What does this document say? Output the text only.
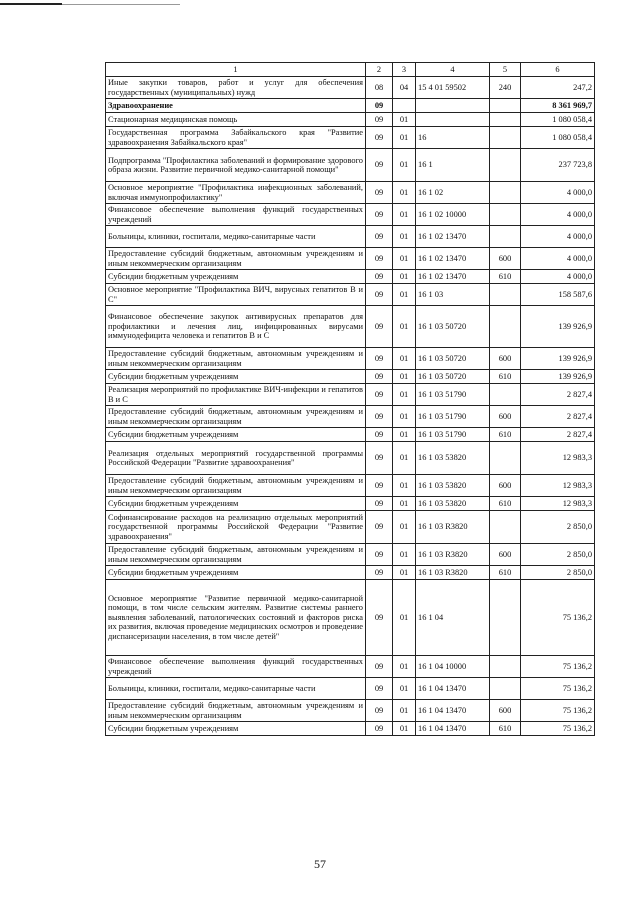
1	2	3	4	5	6
Иные закупки товаров, работ и услуг для обеспечения государственных (муниципальных) нужд	08	04	15 4 01 59502	240	247,2
Здравоохранение	09				8 361 969,7
Стационарная медицинская помощь	09	01			1 080 058,4
Государственная программа Забайкальского края "Развитие здравоохранения Забайкальского края"	09	01	16		1 080 058,4
Подпрограмма "Профилактика заболеваний и формирование здорового образа жизни. Развитие первичной медико-санитарной помощи"	09	01	16 1		237 723,8
Основное мероприятие "Профилактика инфекционных заболеваний, включая иммунопрофилактику"	09	01	16 1 02		4 000,0
Финансовое обеспечение выполнения функций государственных учреждений	09	01	16 1 02 10000		4 000,0
Больницы, клиники, госпитали, медико-санитарные части	09	01	16 1 02 13470		4 000,0
Предоставление субсидий бюджетным, автономным учреждениям и иным некоммерческим организациям	09	01	16 1 02 13470	600	4 000,0
Субсидии бюджетным учреждениям	09	01	16 1 02 13470	610	4 000,0
Основное мероприятие "Профилактика ВИЧ, вирусных гепатитов В и С"	09	01	16 1 03		158 587,6
Финансовое обеспечение закупок антивирусных препаратов для профилактики и лечения лиц, инфицированных вирусами иммунодефицита человека и гепатитов В и С	09	01	16 1 03 50720		139 926,9
Предоставление субсидий бюджетным, автономным учреждениям и иным некоммерческим организациям	09	01	16 1 03 50720	600	139 926,9
Субсидии бюджетным учреждениям	09	01	16 1 03 50720	610	139 926,9
Реализация мероприятий по профилактике ВИЧ-инфекции и гепатитов В и С	09	01	16 1 03 51790		2 827,4
Предоставление субсидий бюджетным, автономным учреждениям и иным некоммерческим организациям	09	01	16 1 03 51790	600	2 827,4
Субсидии бюджетным учреждениям	09	01	16 1 03 51790	610	2 827,4
Реализация отдельных мероприятий государственной программы Российской Федерации "Развитие здравоохранения"	09	01	16 1 03 53820		12 983,3
Предоставление субсидий бюджетным, автономным учреждениям и иным некоммерческим организациям	09	01	16 1 03 53820	600	12 983,3
Субсидии бюджетным учреждениям	09	01	16 1 03 53820	610	12 983,3
Софинансирование расходов на реализацию отдельных мероприятий государственной программы Российской Федерации "Развитие здравоохранения"	09	01	16 1 03 R3820		2 850,0
Предоставление субсидий бюджетным, автономным учреждениям и иным некоммерческим организациям	09	01	16 1 03 R3820	600	2 850,0
Субсидии бюджетным учреждениям	09	01	16 1 03 R3820	610	2 850,0
Основное мероприятие "Развитие первичной медико-санитарной помощи, в том числе сельским жителям. Развитие системы раннего выявления заболеваний, патологических состояний и факторов риска их развития, включая проведение медицинских осмотров и проведение диспансеризации населения, в том числе детей"	09	01	16 1 04		75 136,2
Финансовое обеспечение выполнения функций государственных учреждений	09	01	16 1 04 10000		75 136,2
Больницы, клиники, госпитали, медико-санитарные части	09	01	16 1 04 13470		75 136,2
Предоставление субсидий бюджетным, автономным учреждениям и иным некоммерческим организациям	09	01	16 1 04 13470	600	75 136,2
Субсидии бюджетным учреждениям	09	01	16 1 04 13470	610	75 136,2
57
